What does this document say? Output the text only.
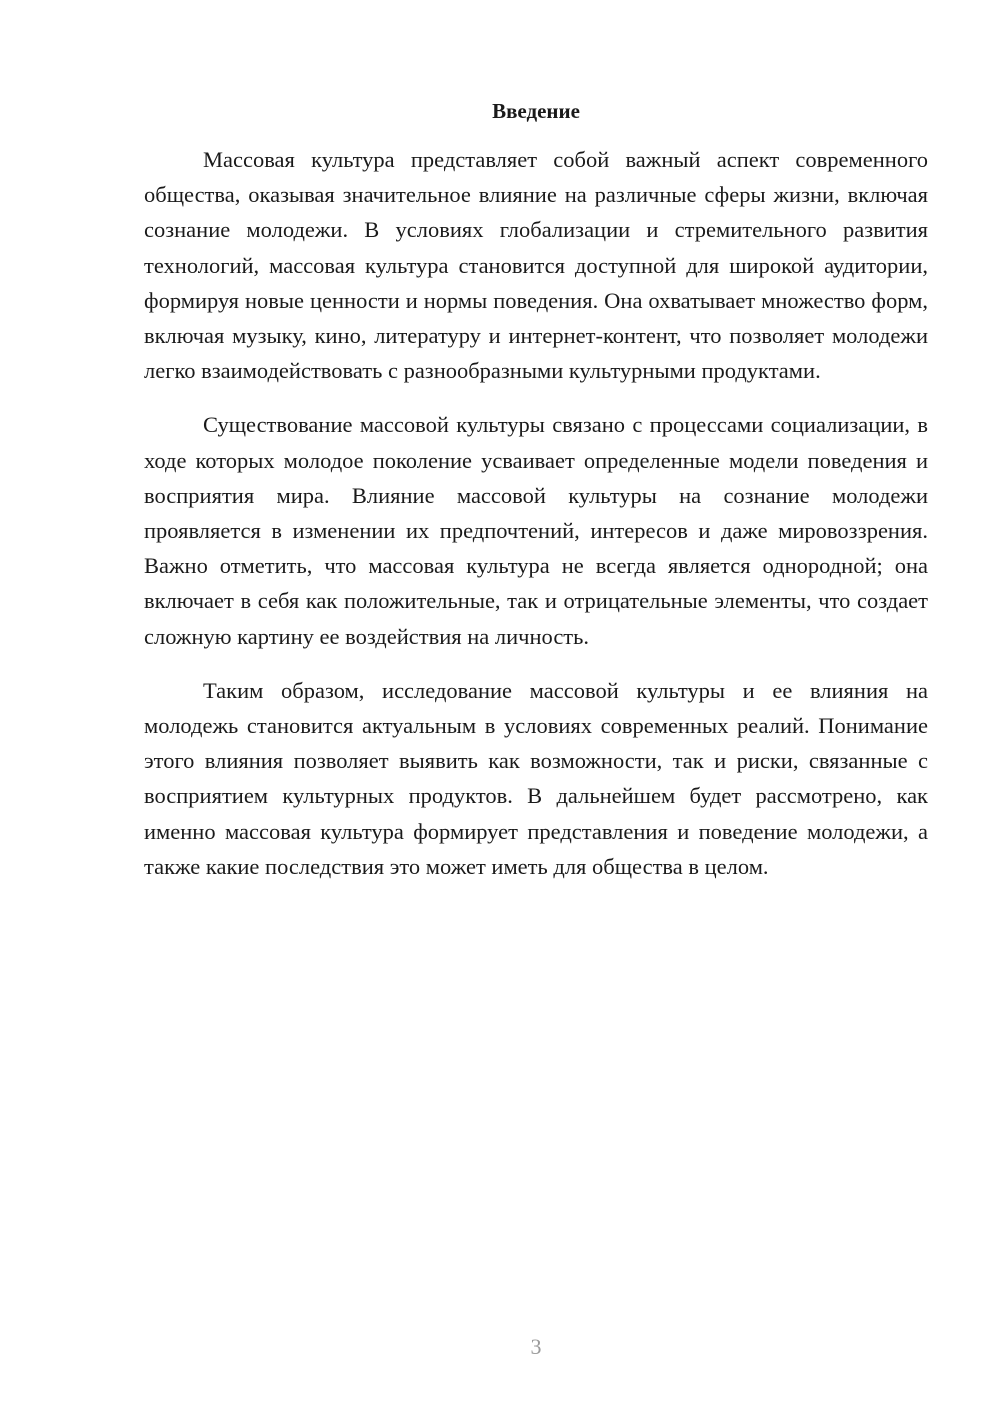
Введение

Массовая культура представляет собой важный аспект современного общества, оказывая значительное влияние на различные сферы жизни, включая сознание молодежи. В условиях глобализации и стремительного развития технологий, массовая культура становится доступной для широкой аудитории, формируя новые ценности и нормы поведения. Она охватывает множество форм, включая музыку, кино, литературу и интернет-контент, что позволяет молодежи легко взаимодействовать с разнообразными культурными продуктами.

Существование массовой культуры связано с процессами социализации, в ходе которых молодое поколение усваивает определенные модели поведения и восприятия мира. Влияние массовой культуры на сознание молодежи проявляется в изменении их предпочтений, интересов и даже мировоззрения. Важно отметить, что массовая культура не всегда является однородной; она включает в себя как положительные, так и отрицательные элементы, что создает сложную картину ее воздействия на личность.

Таким образом, исследование массовой культуры и ее влияния на молодежь становится актуальным в условиях современных реалий. Понимание этого влияния позволяет выявить как возможности, так и риски, связанные с восприятием культурных продуктов. В дальнейшем будет рассмотрено, как именно массовая культура формирует представления и поведение молодежи, а также какие последствия это может иметь для общества в целом.

3
